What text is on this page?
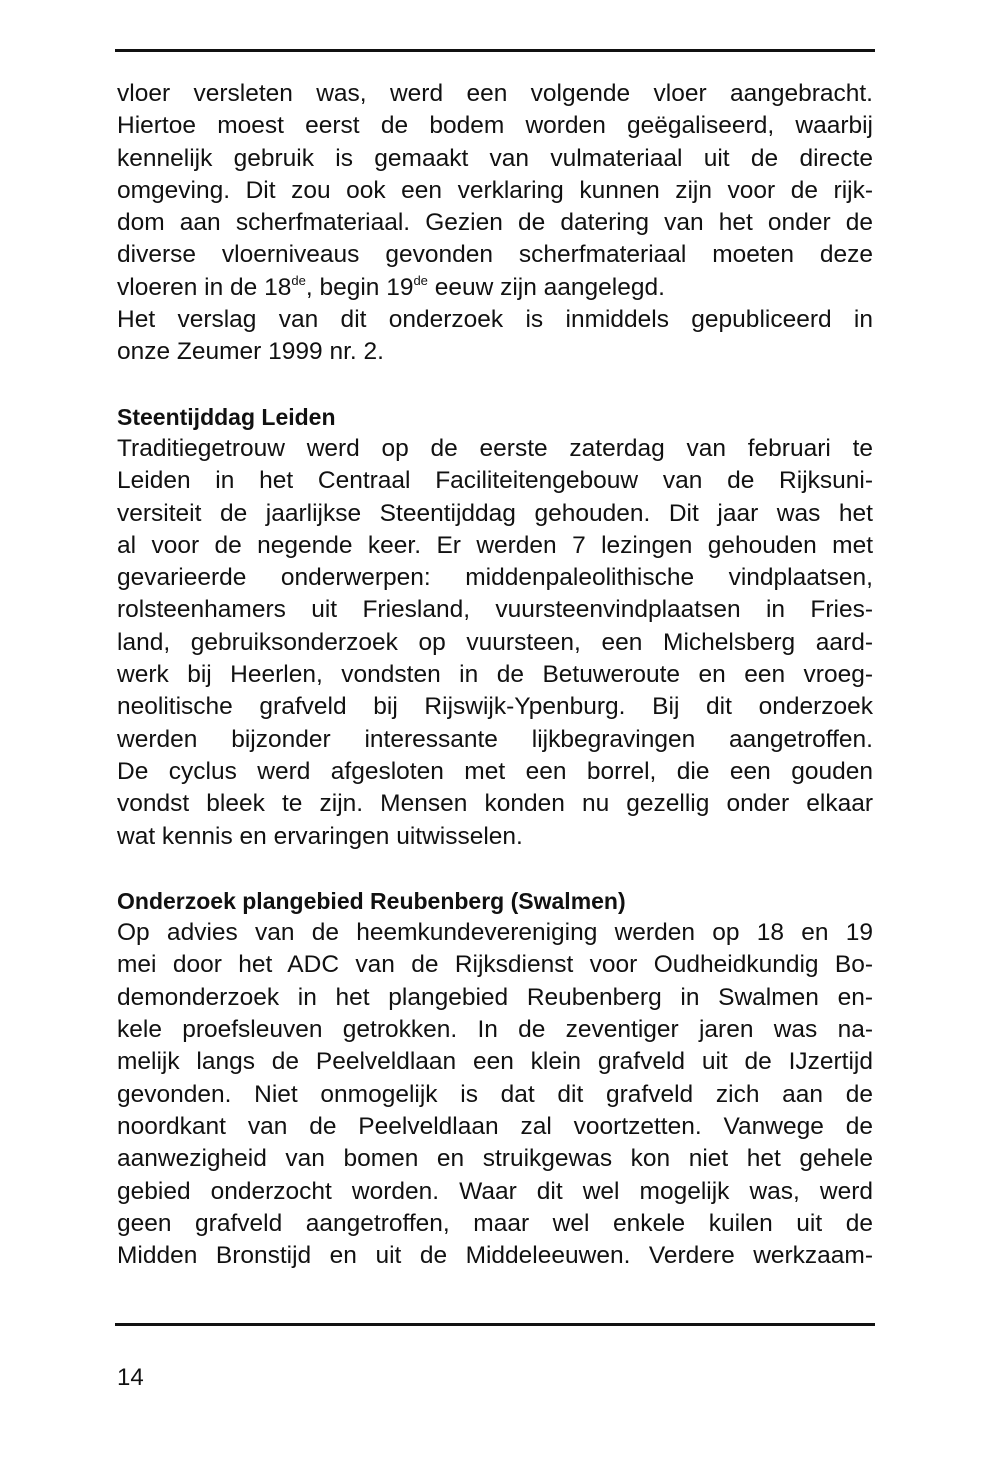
vloer versleten was, werd een volgende vloer aangebracht.
Hiertoe moest eerst de bodem worden geëgaliseerd, waarbij
kennelijk gebruik is gemaakt van vulmateriaal uit de directe
omgeving. Dit zou ook een verklaring kunnen zijn voor de rijk-
dom aan scherfmateriaal. Gezien de datering van het onder de
diverse vloerniveaus gevonden scherfmateriaal moeten deze
vloeren in de 18de, begin 19de eeuw zijn aangelegd.

Het verslag van dit onderzoek is inmiddels gepubliceerd in
onze Zeumer 1999 nr. 2.

Steentijddag Leiden

Traditiegetrouw werd op de eerste zaterdag van februari te
Leiden in het Centraal Faciliteitengebouw van de Rijksuni-
versiteit de jaarlijkse Steentijddag gehouden. Dit jaar was het
al voor de negende keer. Er werden 7 lezingen gehouden met
gevarieerde onderwerpen: middenpaleolithische vindplaatsen,
rolsteenhamers uit Friesland, vuursteenvindplaatsen in Fries-
land, gebruiksonderzoek op vuursteen, een Michelsberg aard-
werk bij Heerlen, vondsten in de Betuweroute en een vroeg-
neolitische grafveld bij Rijswijk-Ypenburg. Bij dit onderzoek
werden bijzonder interessante lijkbegravingen aangetroffen.
De cyclus werd afgesloten met een borrel, die een gouden
vondst bleek te zijn. Mensen konden nu gezellig onder elkaar
wat kennis en ervaringen uitwisselen.

Onderzoek plangebied Reubenberg (Swalmen)

Op advies van de heemkundevereniging werden op 18 en 19
mei door het ADC van de Rijksdienst voor Oudheidkundig Bo-
demonderzoek in het plangebied Reubenberg in Swalmen en-
kele proefsleuven getrokken. In de zeventiger jaren was na-
melijk langs de Peelveldlaan een klein grafveld uit de IJzertijd
gevonden. Niet onmogelijk is dat dit grafveld zich aan de
noordkant van de Peelveldlaan zal voortzetten. Vanwege de
aanwezigheid van bomen en struikgewas kon niet het gehele
gebied onderzocht worden. Waar dit wel mogelijk was, werd
geen grafveld aangetroffen, maar wel enkele kuilen uit de
Midden Bronstijd en uit de Middeleeuwen. Verdere werkzaam-

14
